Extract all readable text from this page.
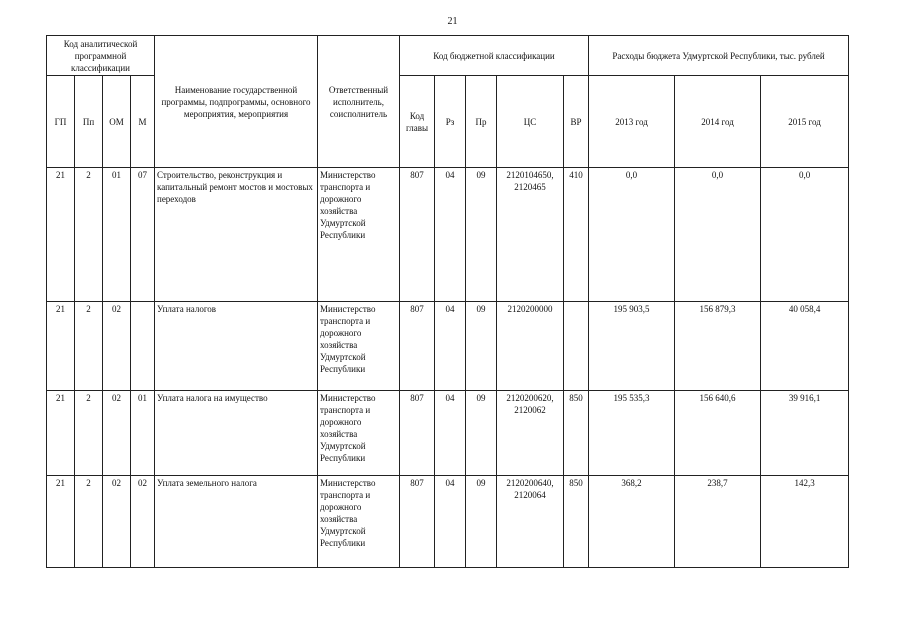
21
Код аналитической программной классификации				Наименование государственной программы, подпрограммы, основного мероприятия, мероприятия	Ответственный исполнитель, соисполнитель	Код бюджетной классификации					Расходы бюджета Удмуртской Республики, тыс. рублей		
ГП	Пп	ОМ	М			Код главы	Рз	Пр	ЦС	ВР	2013 год	2014 год	2015 год
21	2	01	07	Строительство, реконструкция и капитальный ремонт мостов и мостовых переходов	Министерство транспорта и дорожного хозяйства Удмуртской Республики	807	04	09	2120104650, 2120465	410	0,0	0,0	0,0
21	2	02		Уплата налогов	Министерство транспорта и дорожного хозяйства Удмуртской Республики	807	04	09	2120200000		195 903,5	156 879,3	40 058,4
21	2	02	01	Уплата налога на имущество	Министерство транспорта и дорожного хозяйства Удмуртской Республики	807	04	09	2120200620, 2120062	850	195 535,3	156 640,6	39 916,1
21	2	02	02	Уплата земельного налога	Министерство транспорта и дорожного хозяйства Удмуртской Республики	807	04	09	2120200640, 2120064	850	368,2	238,7	142,3
